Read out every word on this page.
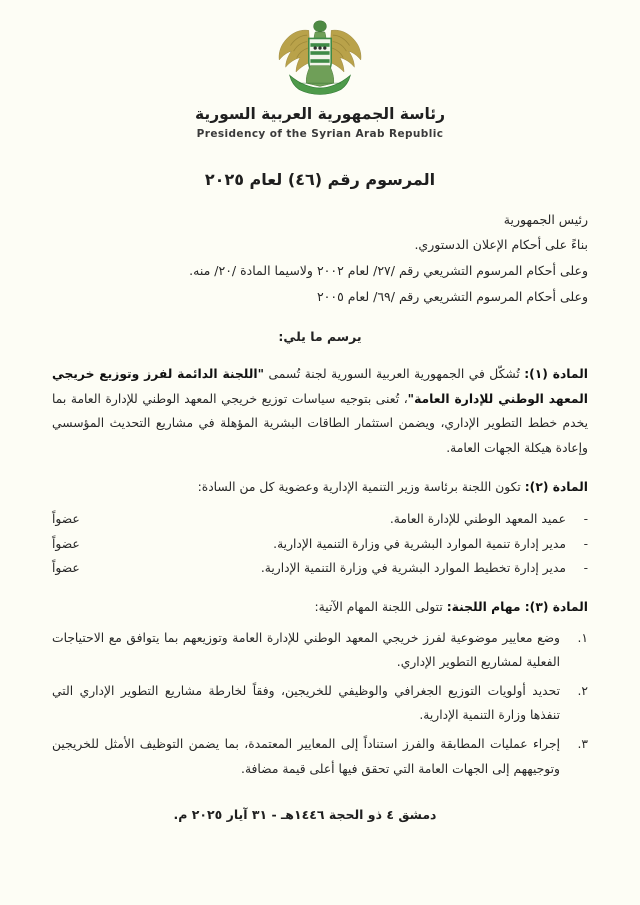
رئاسة الجمهورية العربية السورية
Presidency of the Syrian Arab Republic
المرسوم رقم (٤٦) لعام ٢٠٢٥
رئيس الجمهورية
بناءً على أحكام الإعلان الدستوري.
وعلى أحكام المرسوم التشريعي رقم /٢٧/ لعام ٢٠٠٢ ولاسيما المادة /٢٠/ منه.
وعلى أحكام المرسوم التشريعي رقم /٦٩/ لعام ٢٠٠٥
يرسم ما يلي:
المادة (١): تُشكّل في الجمهورية العربية السورية لجنة تُسمى "اللجنة الدائمة لفرز وتوزيع خريجي المعهد الوطني للإدارة العامة"، تُعنى بتوجيه سياسات توزيع خريجي المعهد الوطني للإدارة العامة بما يخدم خطط التطوير الإداري، ويضمن استثمار الطاقات البشرية المؤهلة في مشاريع التحديث المؤسسي وإعادة هيكلة الجهات العامة.
المادة (٢): تكون اللجنة برئاسة وزير التنمية الإدارية وعضوية كل من السادة:
-
عميد المعهد الوطني للإدارة العامة.
عضواً
-
مدير إدارة تنمية الموارد البشرية في وزارة التنمية الإدارية.
عضواً
-
مدير إدارة تخطيط الموارد البشرية في وزارة التنمية الإدارية.
عضواً
المادة (٣): مهام اللجنة: تتولى اللجنة المهام الآتية:
١.
وضع معايير موضوعية لفرز خريجي المعهد الوطني للإدارة العامة وتوزيعهم بما يتوافق مع الاحتياجات الفعلية لمشاريع التطوير الإداري.
٢.
تحديد أولويات التوزيع الجغرافي والوظيفي للخريجين، وفقاً لخارطة مشاريع التطوير الإداري التي تنفذها وزارة التنمية الإدارية.
٣.
إجراء عمليات المطابقة والفرز استناداً إلى المعايير المعتمدة، بما يضمن التوظيف الأمثل للخريجين وتوجيههم إلى الجهات العامة التي تحقق فيها أعلى قيمة مضافة.
دمشق ٤ ذو الحجة ١٤٤٦هـ - ٣١ آيار ٢٠٢٥ م.
